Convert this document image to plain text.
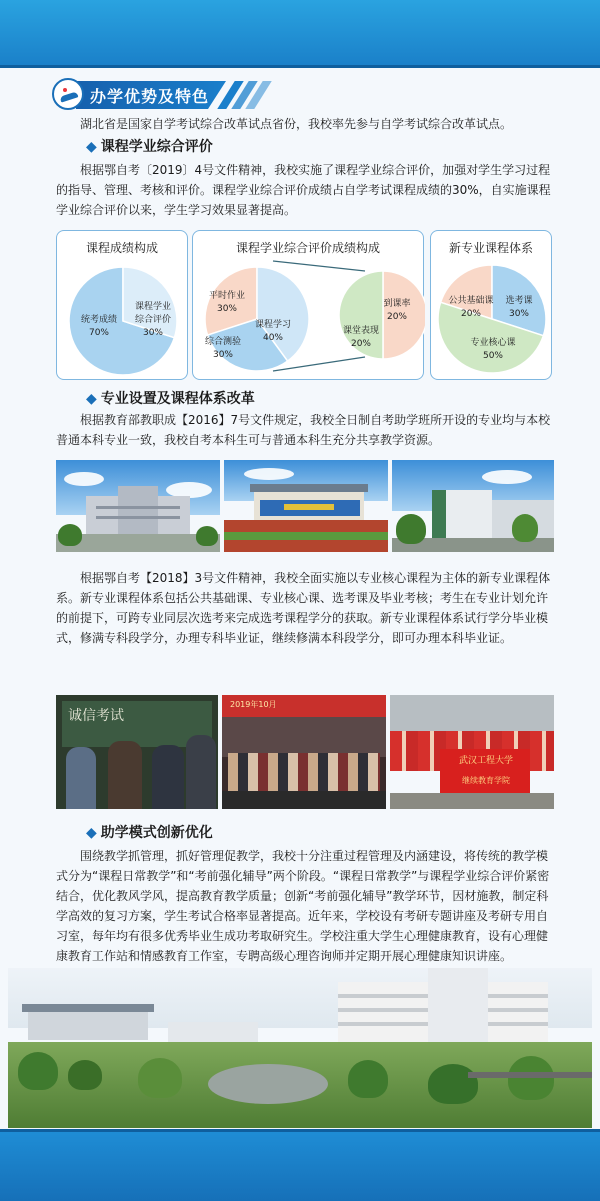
办学优势及特色

湖北省是国家自学考试综合改革试点省份，我校率先参与自学考试综合改革试点。

◆ 课程学业综合评价

根据鄂自考〔2019〕4号文件精神，我校实施了课程学业综合评价，加强对学生学习过程的指导、管理、考核和评价。课程学业综合评价成绩占自学考试课程成绩的30%，自实施课程学业综合评价以来，学生学习效果显著提高。

课程成绩构成
统考成绩
70%
课程学业
综合评价
30%
课程学业综合评价成绩构成
平时作业
30%
课程学习
40%
综合测验
30%
到课率
20%
课堂表现
20%
新专业课程体系
公共基础课
20%
选考课
30%
专业核心课
50%
◆ 专业设置及课程体系改革

根据教育部教职成【2016】7号文件规定，我校全日制自考助学班所开设的专业均与本校普通本科专业一致，我校自考本科生可与普通本科生充分共享教学资源。

根据鄂自考【2018】3号文件精神，我校全面实施以专业核心课程为主体的新专业课程体系。新专业课程体系包括公共基础课、专业核心课、选考课及毕业考核；考生在专业计划允许的前提下，可跨专业同层次选考来完成选考课程学分的获取。新专业课程体系试行学分毕业模式，修满专科段学分，办理专科毕业证，继续修满本科段学分，即可办理本科毕业证。

诚信考试
2019年10月
武汉工程大学
继续教育学院
◆ 助学模式创新优化

围绕教学抓管理，抓好管理促教学，我校十分注重过程管理及内涵建设，将传统的教学模式分为“课程日常教学”和“考前强化辅导”两个阶段。“课程日常教学”与课程学业综合评价紧密结合，优化教风学风，提高教育教学质量；创新“考前强化辅导”教学环节，因材施教，制定科学高效的复习方案，学生考试合格率显著提高。近年来，学校设有考研专题讲座及考研专用自习室，每年均有很多优秀毕业生成功考取研究生。学校注重大学生心理健康教育，设有心理健康教育工作站和情感教育工作室，专聘高级心理咨询师并定期开展心理健康知识讲座。
